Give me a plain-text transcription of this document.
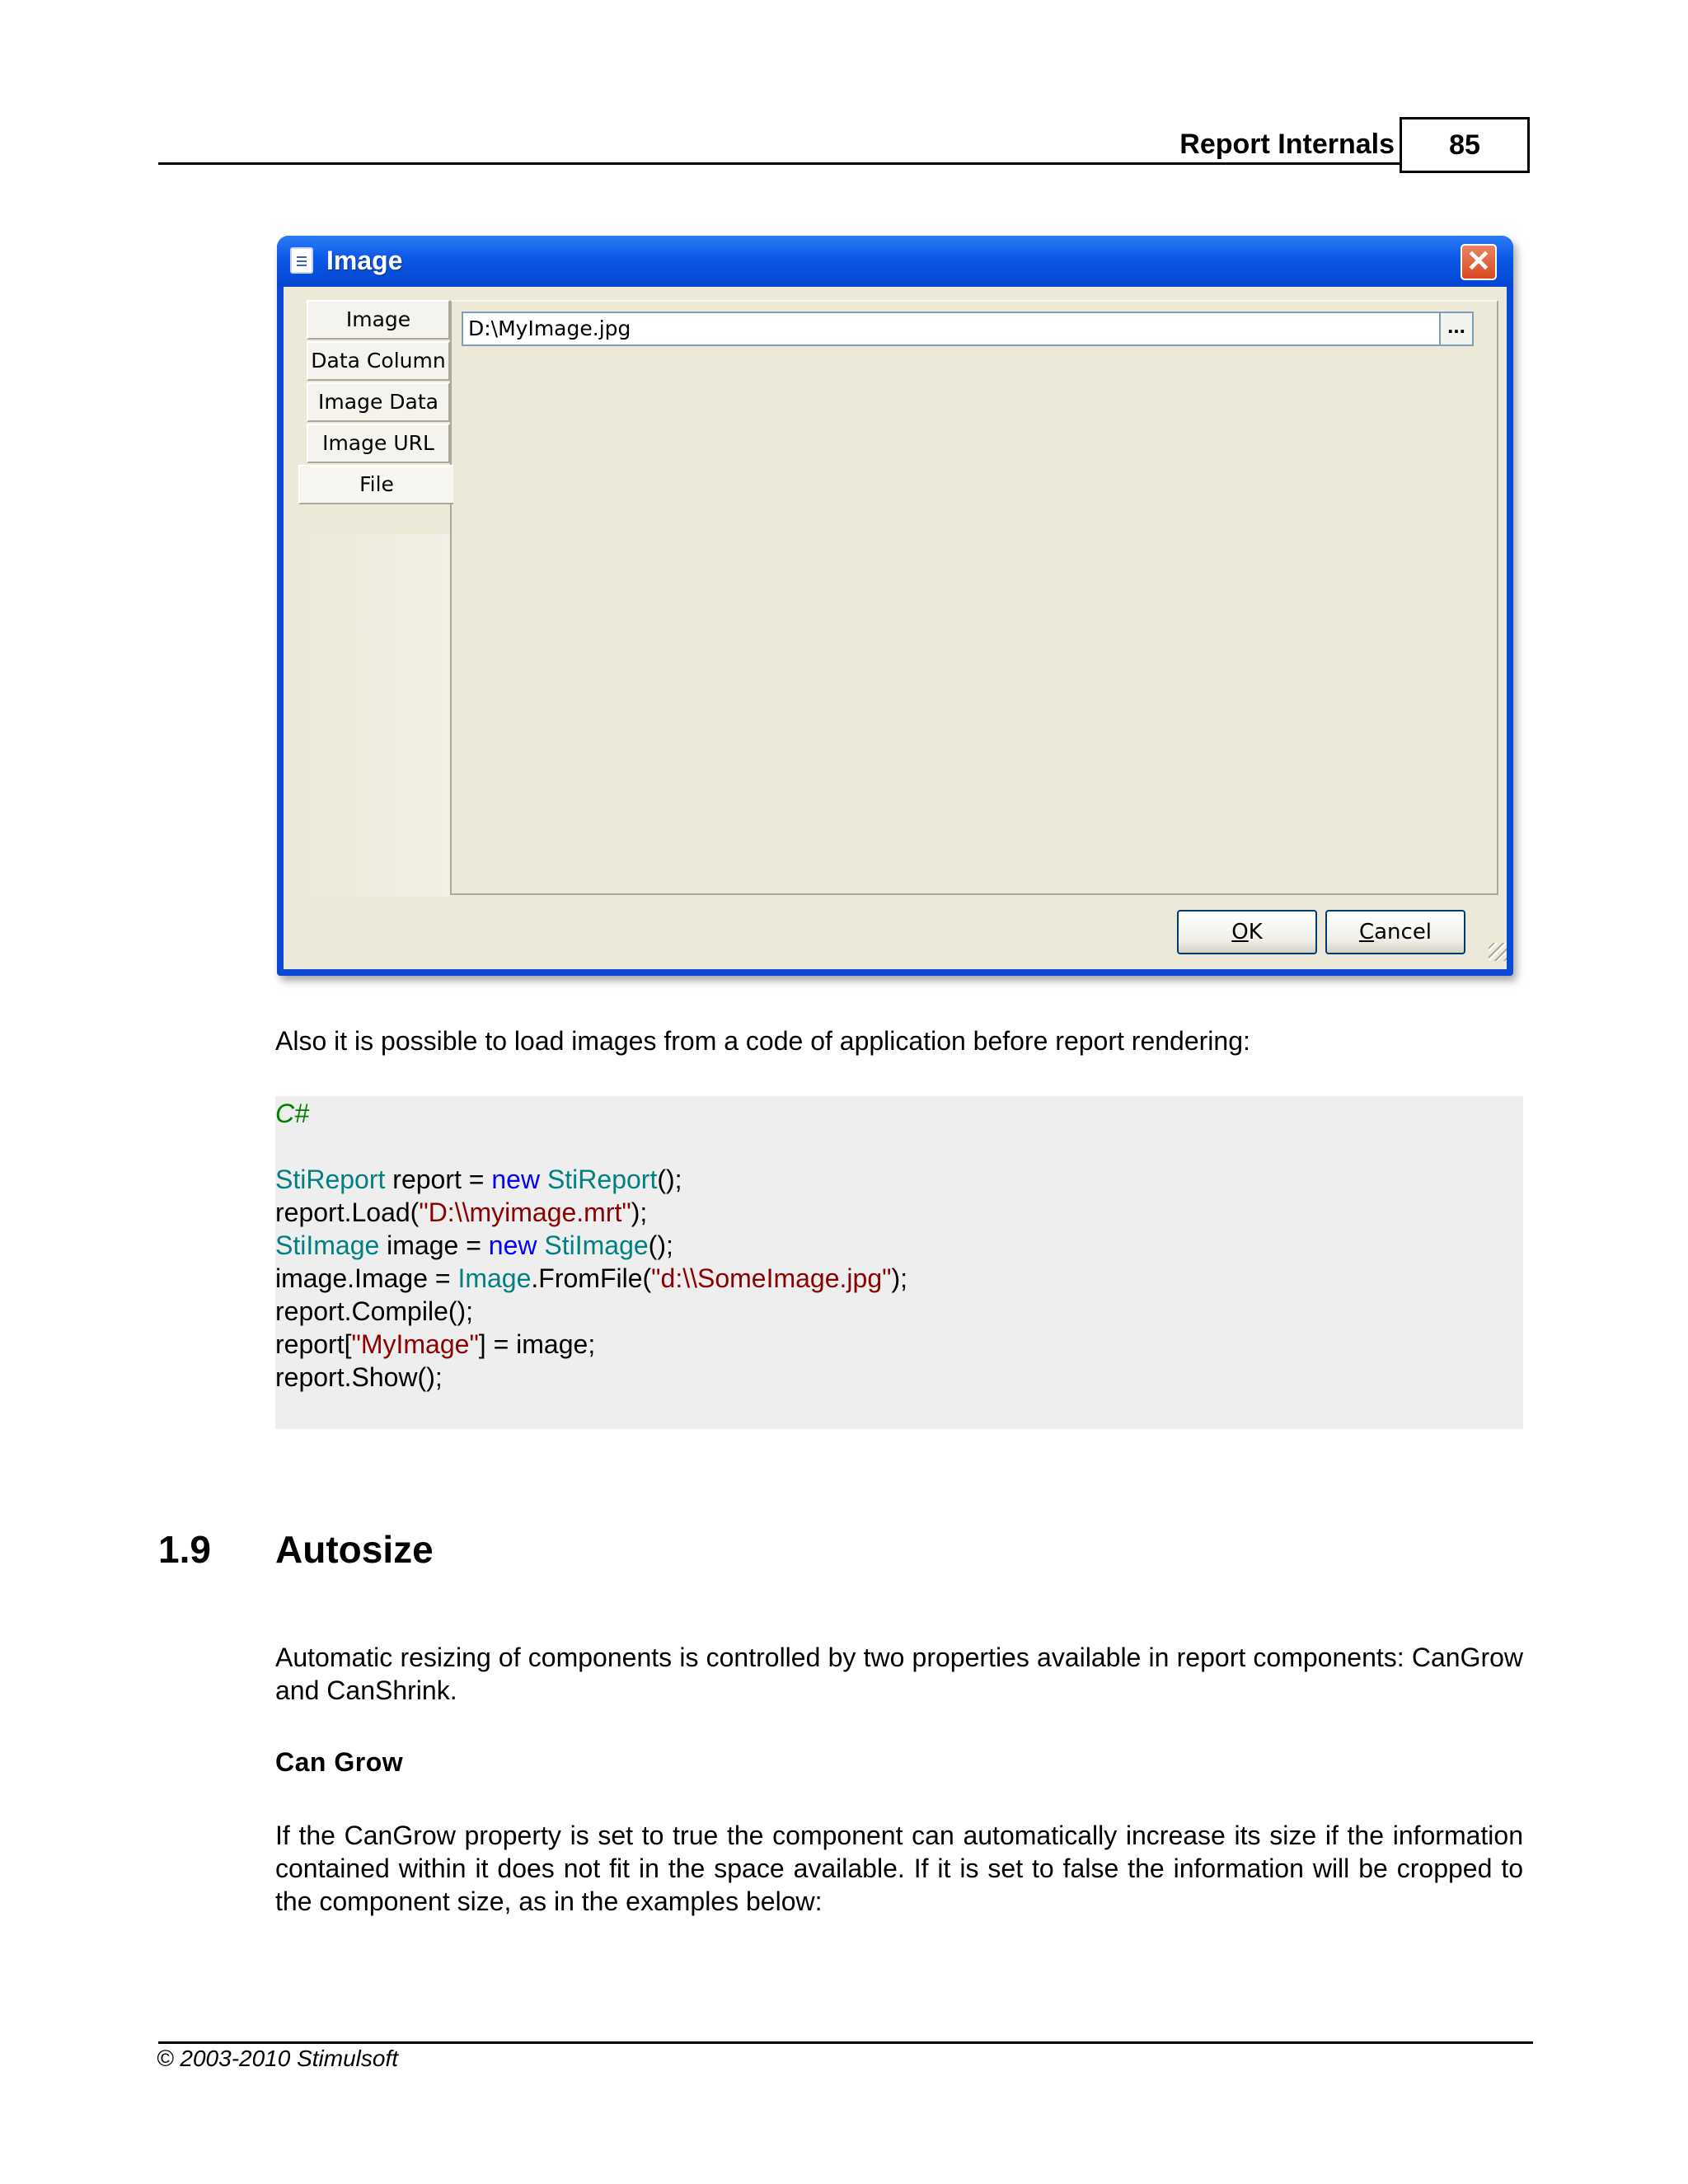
Report Internals	85
Image	✕
Image
Data Column
Image Data
Image URL
File
D:\MyImage.jpg	...
OK	Cancel
Also it is possible to load images from a code of application before report rendering:
C#
StiReport report = new StiReport();
report.Load("D:\\myimage.mrt");
StiImage image = new StiImage();
image.Image = Image.FromFile("d:\\SomeImage.jpg");
report.Compile();
report["MyImage"] = image;
report.Show();
1.9 Autosize
Automatic resizing of components is controlled by two properties available in report components: CanGrow and CanShrink.
Can Grow
If the CanGrow property is set to true the component can automatically increase its size if the information contained within it does not fit in the space available. If it is set to false the information will be cropped to the component size, as in the examples below:
© 2003-2010 Stimulsoft
